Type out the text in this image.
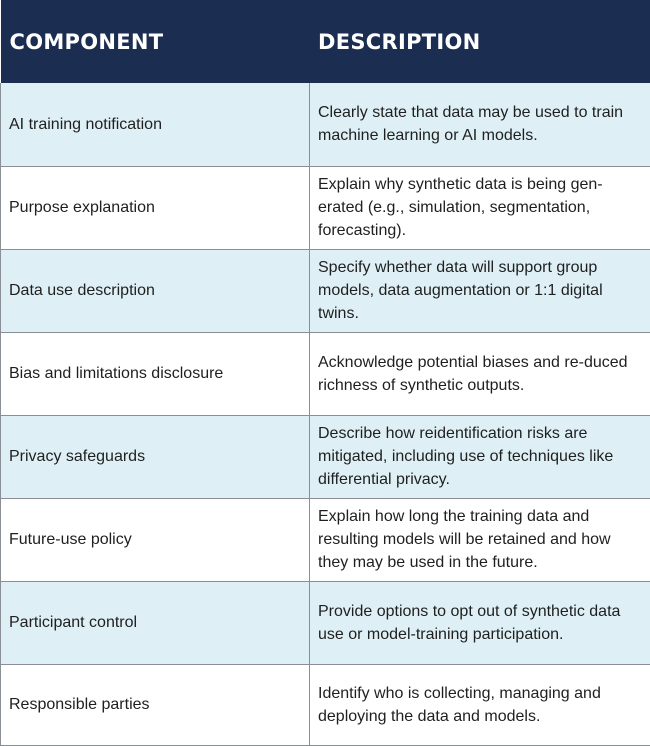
COMPONENT	DESCRIPTION
AI training notification	Clearly state that data may be used to train machine learning or AI models.
Purpose explanation	Explain why synthetic data is being gen-erated (e.g., simulation, segmentation, forecasting).
Data use description	Specify whether data will support group models, data augmentation or 1:1 digital twins.
Bias and limitations disclosure	Acknowledge potential biases and re-duced richness of synthetic outputs.
Privacy safeguards	Describe how reidentification risks are mitigated, including use of techniques like differential privacy.
Future-use policy	Explain how long the training data and resulting models will be retained and how they may be used in the future.
Participant control	Provide options to opt out of synthetic data use or model-training participation.
Responsible parties	Identify who is collecting, managing and deploying the data and models.
